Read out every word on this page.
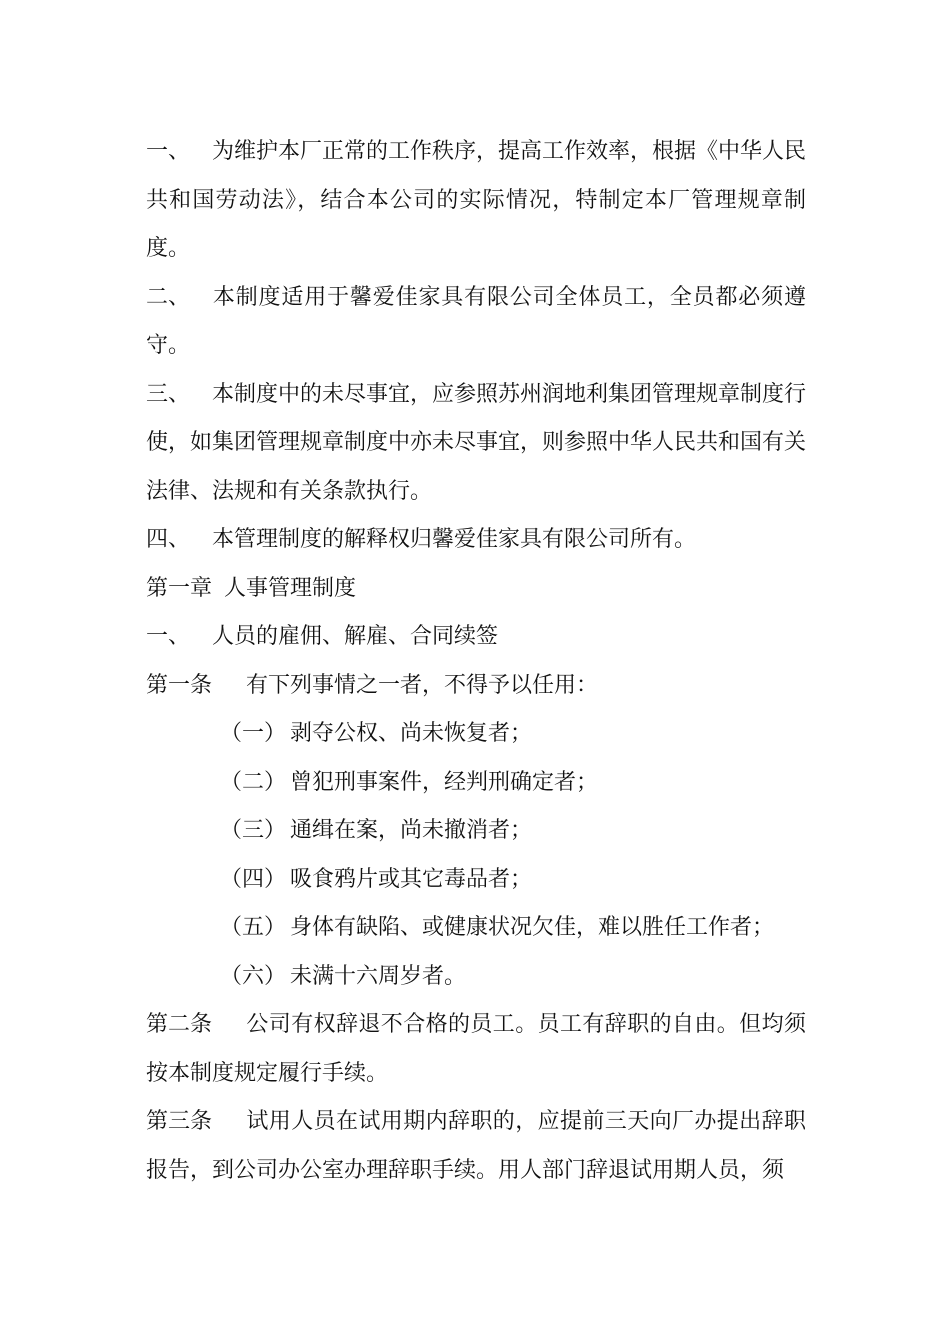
一、 为维护本厂正常的工作秩序，提高工作效率，根据《中华人民共和国劳动法》，结合本公司的实际情况，特制定本厂管理规章制度。

二、 本制度适用于馨爱佳家具有限公司全体员工，全员都必须遵守。

三、 本制度中的未尽事宜，应参照苏州润地利集团管理规章制度行使，如集团管理规章制度中亦未尽事宜，则参照中华人民共和国有关法律、法规和有关条款执行。

四、 本管理制度的解释权归馨爱佳家具有限公司所有。

第一章 人事管理制度

一、 人员的雇佣、解雇、合同续签

第一条 有下列事情之一者，不得予以任用：

（一） 剥夺公权、尚未恢复者；

（二） 曾犯刑事案件，经判刑确定者；

（三） 通缉在案，尚未撤消者；

（四） 吸食鸦片或其它毒品者；

（五） 身体有缺陷、或健康状况欠佳，难以胜任工作者；

（六） 未满十六周岁者。

第二条 公司有权辞退不合格的员工。员工有辞职的自由。但均须按本制度规定履行手续。

第三条 试用人员在试用期内辞职的，应提前三天向厂办提出辞职报告，到公司办公室办理辞职手续。用人部门辞退试用期人员，须
